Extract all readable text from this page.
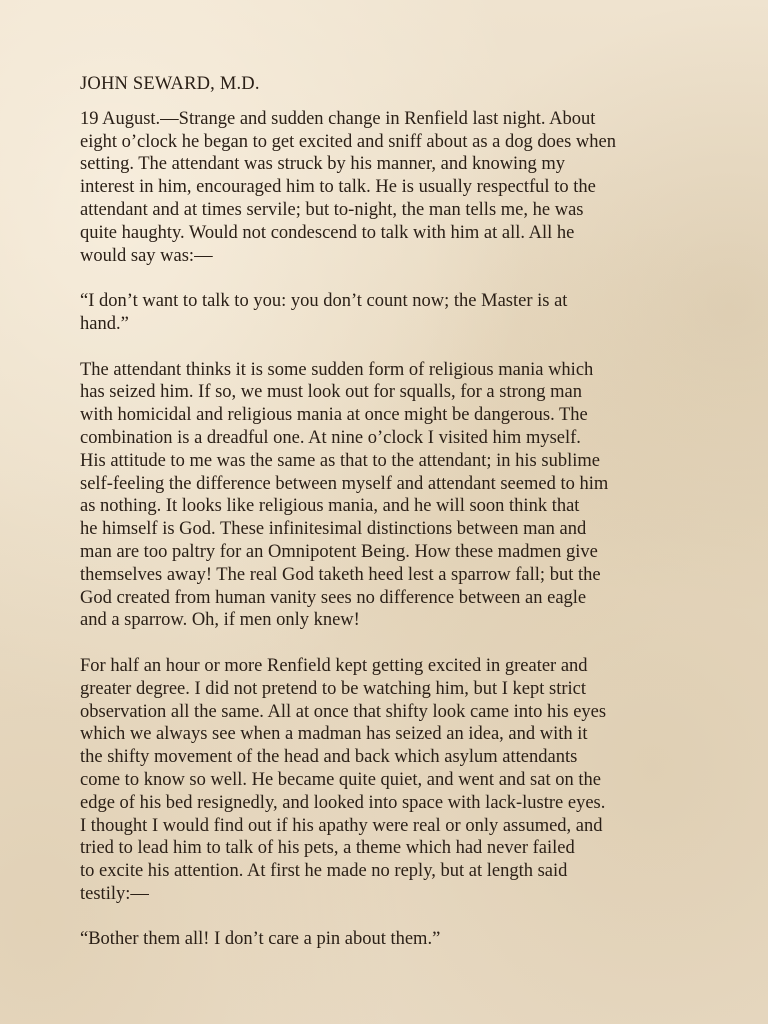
JOHN SEWARD, M.D.

19 August.—Strange and sudden change in Renfield last night. About
eight o’clock he began to get excited and sniff about as a dog does when
setting. The attendant was struck by his manner, and knowing my
interest in him, encouraged him to talk. He is usually respectful to the
attendant and at times servile; but to-night, the man tells me, he was
quite haughty. Would not condescend to talk with him at all. All he
would say was:—

“I don’t want to talk to you: you don’t count now; the Master is at
hand.”

The attendant thinks it is some sudden form of religious mania which
has seized him. If so, we must look out for squalls, for a strong man
with homicidal and religious mania at once might be dangerous. The
combination is a dreadful one. At nine o’clock I visited him myself.
His attitude to me was the same as that to the attendant; in his sublime
self-feeling the difference between myself and attendant seemed to him
as nothing. It looks like religious mania, and he will soon think that
he himself is God. These infinitesimal distinctions between man and
man are too paltry for an Omnipotent Being. How these madmen give
themselves away! The real God taketh heed lest a sparrow fall; but the
God created from human vanity sees no difference between an eagle
and a sparrow. Oh, if men only knew!

For half an hour or more Renfield kept getting excited in greater and
greater degree. I did not pretend to be watching him, but I kept strict
observation all the same. All at once that shifty look came into his eyes
which we always see when a madman has seized an idea, and with it
the shifty movement of the head and back which asylum attendants
come to know so well. He became quite quiet, and went and sat on the
edge of his bed resignedly, and looked into space with lack-lustre eyes.
I thought I would find out if his apathy were real or only assumed, and
tried to lead him to talk of his pets, a theme which had never failed
to excite his attention. At first he made no reply, but at length said
testily:—

“Bother them all! I don’t care a pin about them.”
